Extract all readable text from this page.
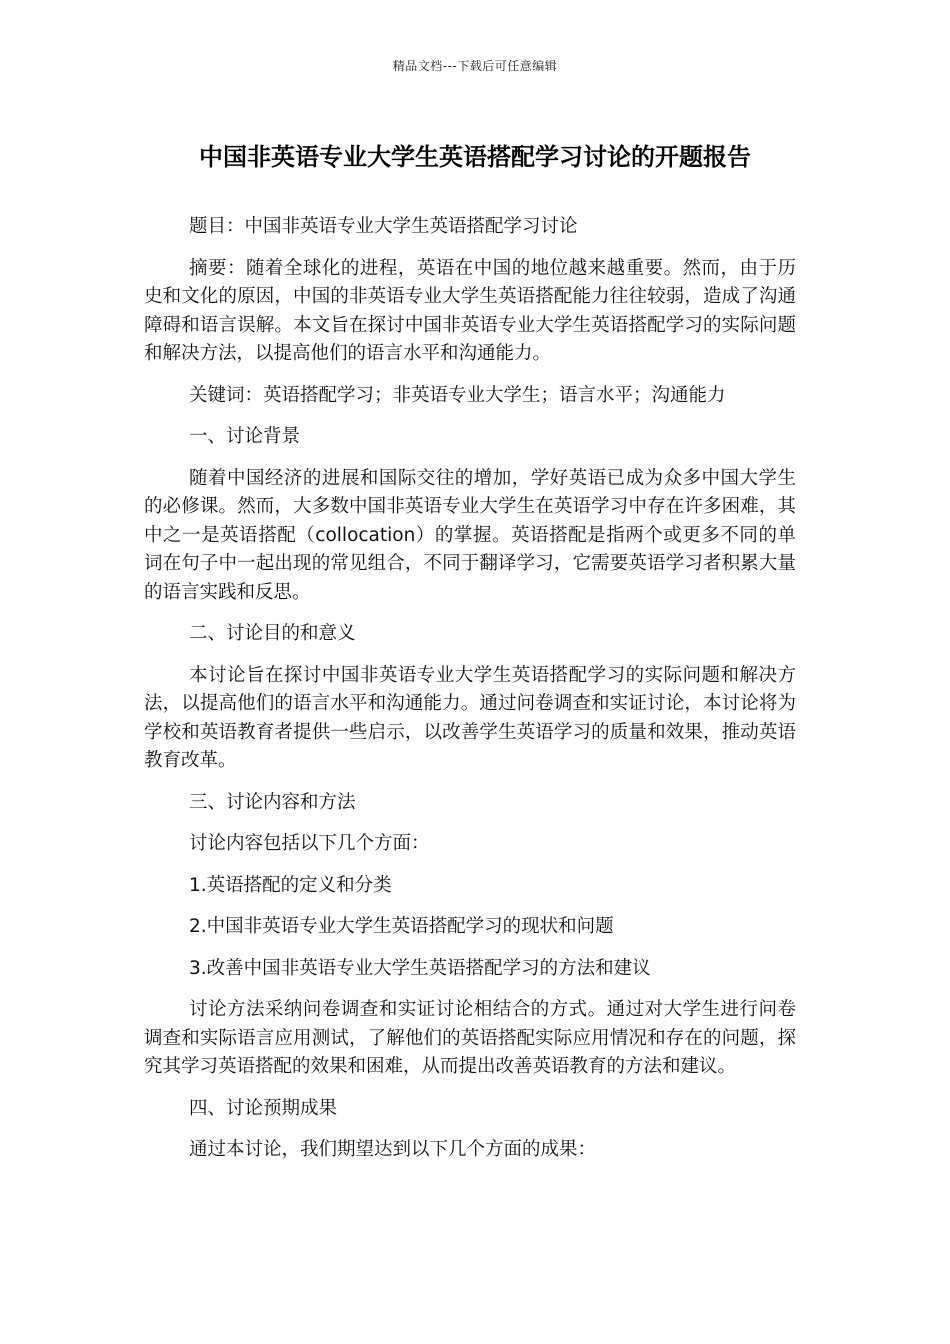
精品文档---下载后可任意编辑
中国非英语专业大学生英语搭配学习讨论的开题报告

题目：中国非英语专业大学生英语搭配学习讨论

摘要：随着全球化的进程，英语在中国的地位越来越重要。然而，由于历史和文化的原因，中国的非英语专业大学生英语搭配能力往往较弱，造成了沟通障碍和语言误解。本文旨在探讨中国非英语专业大学生英语搭配学习的实际问题和解决方法，以提高他们的语言水平和沟通能力。

关键词：英语搭配学习；非英语专业大学生；语言水平；沟通能力

一、讨论背景

随着中国经济的进展和国际交往的增加，学好英语已成为众多中国大学生的必修课。然而，大多数中国非英语专业大学生在英语学习中存在许多困难，其中之一是英语搭配（collocation）的掌握。英语搭配是指两个或更多不同的单词在句子中一起出现的常见组合，不同于翻译学习，它需要英语学习者积累大量的语言实践和反思。

二、讨论目的和意义

本讨论旨在探讨中国非英语专业大学生英语搭配学习的实际问题和解决方法，以提高他们的语言水平和沟通能力。通过问卷调查和实证讨论，本讨论将为学校和英语教育者提供一些启示，以改善学生英语学习的质量和效果，推动英语教育改革。

三、讨论内容和方法

讨论内容包括以下几个方面：

1.英语搭配的定义和分类

2.中国非英语专业大学生英语搭配学习的现状和问题

3.改善中国非英语专业大学生英语搭配学习的方法和建议

讨论方法采纳问卷调查和实证讨论相结合的方式。通过对大学生进行问卷调查和实际语言应用测试，了解他们的英语搭配实际应用情况和存在的问题，探究其学习英语搭配的效果和困难，从而提出改善英语教育的方法和建议。

四、讨论预期成果

通过本讨论，我们期望达到以下几个方面的成果：
